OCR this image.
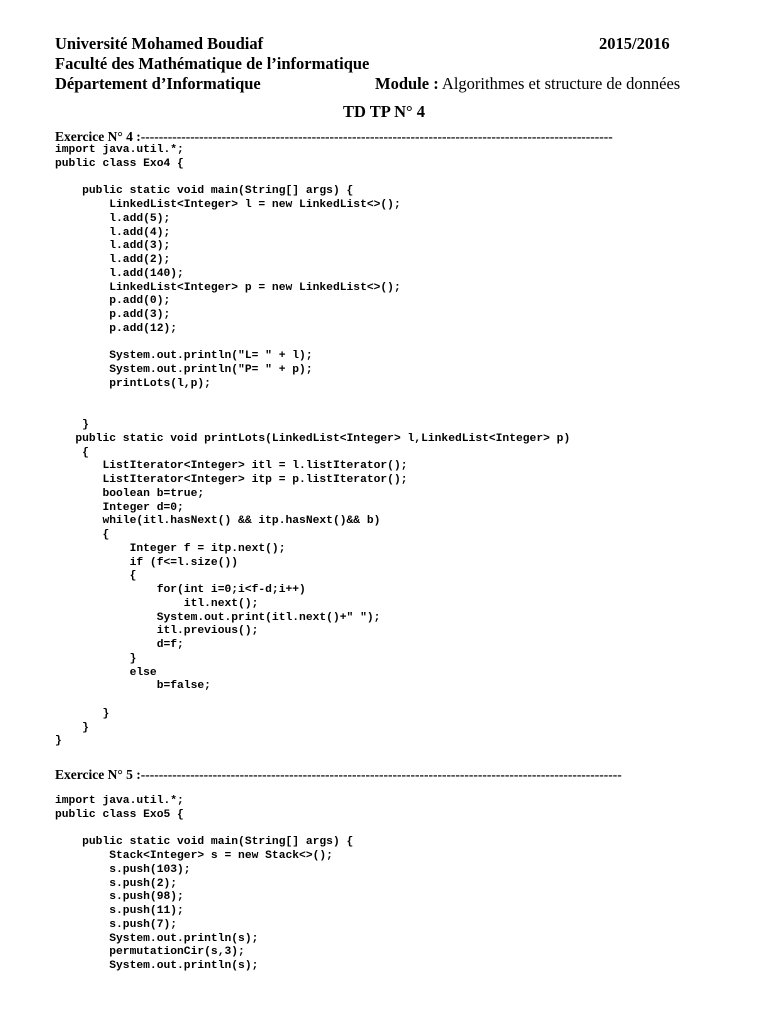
Université Mohamed Boudiaf	2015/2016
Faculté des Mathématique de l’informatique
Département d’Informatique	Module : Algorithmes et structure de données
TD TP N° 4
Exercice N° 4 :---------------------------------------------------------------------------------------------------------
import java.util.*;
public class Exo4 {

public static void main(String[] args) {
LinkedList<Integer> l = new LinkedList<>();
l.add(5);
l.add(4);
l.add(3);
l.add(2);
l.add(140);
LinkedList<Integer> p = new LinkedList<>();
p.add(0);
p.add(3);
p.add(12);

System.out.println("L= " + l);
System.out.println("P= " + p);
printLots(l,p);

}
public static void printLots(LinkedList<Integer> l,LinkedList<Integer> p)
{
ListIterator<Integer> itl = l.listIterator();
ListIterator<Integer> itp = p.listIterator();
boolean b=true;
Integer d=0;
while(itl.hasNext() && itp.hasNext()&& b)
{
Integer f = itp.next();
if (f<=l.size())
{
for(int i=0;i<f-d;i++)
itl.next();
System.out.print(itl.next()+" ");
itl.previous();
d=f;
}
else
b=false;

}
}
}
Exercice N° 5 :-----------------------------------------------------------------------------------------------------------
import java.util.*;
public class Exo5 {

public static void main(String[] args) {
Stack<Integer> s = new Stack<>();
s.push(103);
s.push(2);
s.push(98);
s.push(11);
s.push(7);
System.out.println(s);
permutationCir(s,3);
System.out.println(s);
